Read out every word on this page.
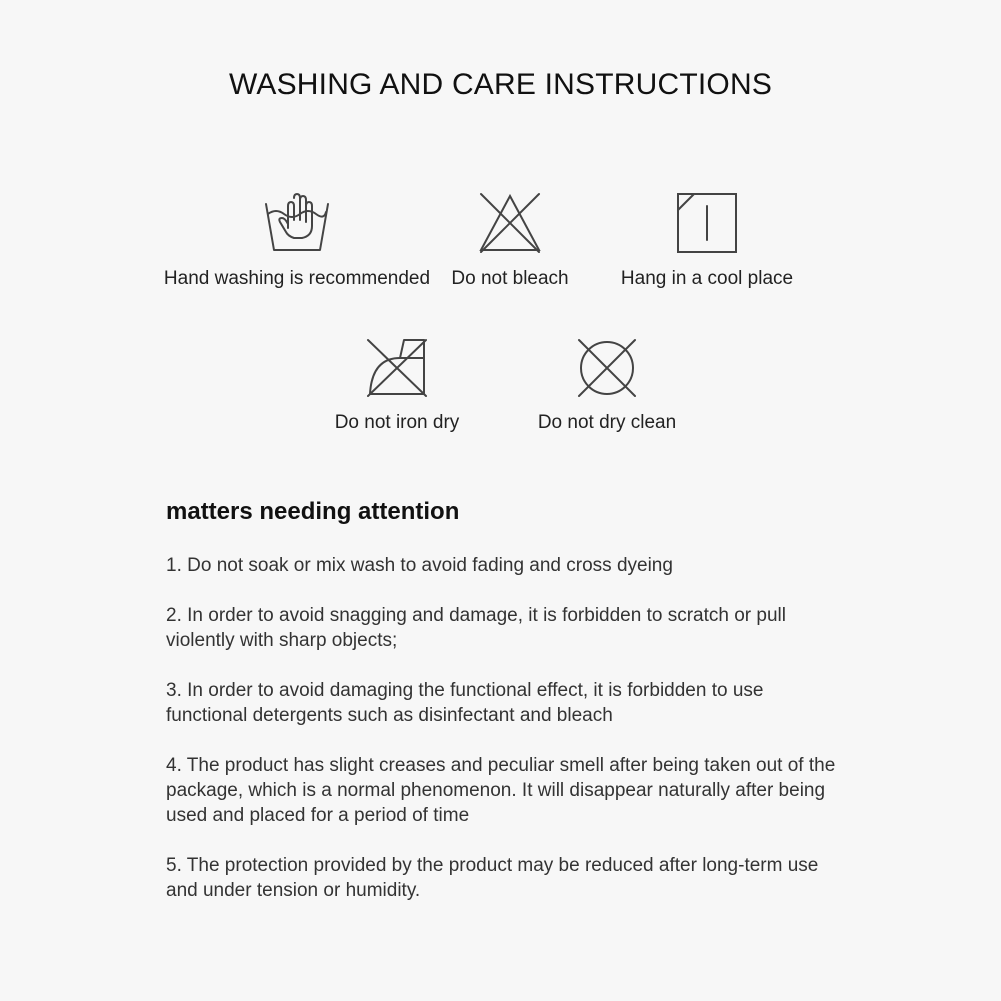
WASHING AND CARE INSTRUCTIONS
Hand washing is recommended	Do not bleach	Hang in a cool place
Do not iron dry	Do not dry clean
matters needing attention
1. Do not soak or mix wash to avoid fading and cross dyeing
2. In order to avoid snagging and damage, it is forbidden to scratch or pull violently with sharp objects;
3. In order to avoid damaging the functional effect, it is forbidden to use functional detergents such as disinfectant and bleach
4. The product has slight creases and peculiar smell after being taken out of the package, which is a normal phenomenon. It will disappear naturally after being used and placed for a period of time
5. The protection provided by the product may be reduced after long-term use and under tension or humidity.
